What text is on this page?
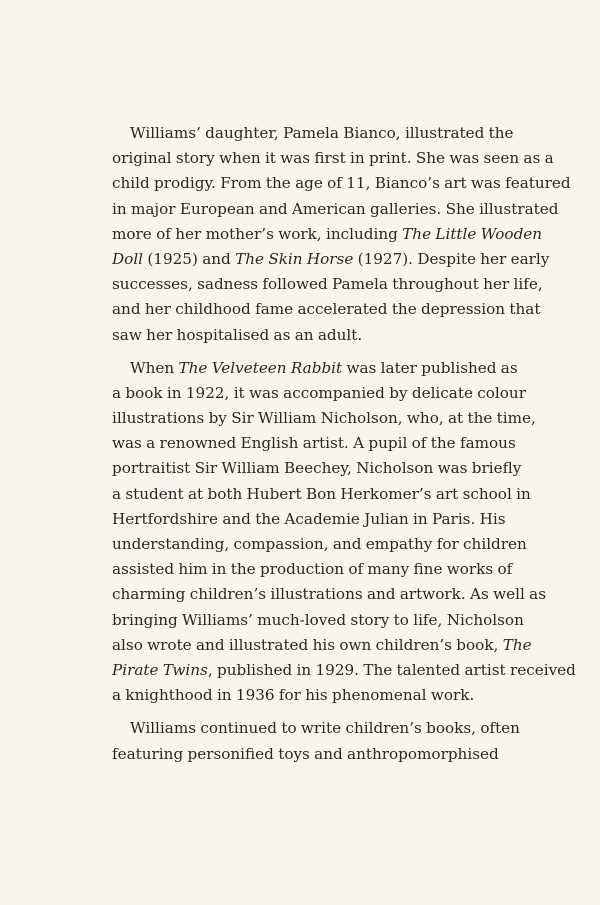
Williams’ daughter, Pamela Bianco, illustrated the
original story when it was first in print. She was seen as a
child prodigy. From the age of 11, Bianco’s art was featured
in major European and American galleries. She illustrated
more of her mother’s work, including The Little Wooden
Doll (1925) and The Skin Horse (1927). Despite her early
successes, sadness followed Pamela throughout her life,
and her childhood fame accelerated the depression that
saw her hospitalised as an adult.
When The Velveteen Rabbit was later published as
a book in 1922, it was accompanied by delicate colour
illustrations by Sir William Nicholson, who, at the time,
was a renowned English artist. A pupil of the famous
portraitist Sir William Beechey, Nicholson was briefly
a student at both Hubert Bon Herkomer’s art school in
Hertfordshire and the Academie Julian in Paris. His
understanding, compassion, and empathy for children
assisted him in the production of many fine works of
charming children’s illustrations and artwork. As well as
bringing Williams’ much-loved story to life, Nicholson
also wrote and illustrated his own children’s book, The
Pirate Twins, published in 1929. The talented artist received
a knighthood in 1936 for his phenomenal work.
Williams continued to write children’s books, often
featuring personified toys and anthropomorphised
